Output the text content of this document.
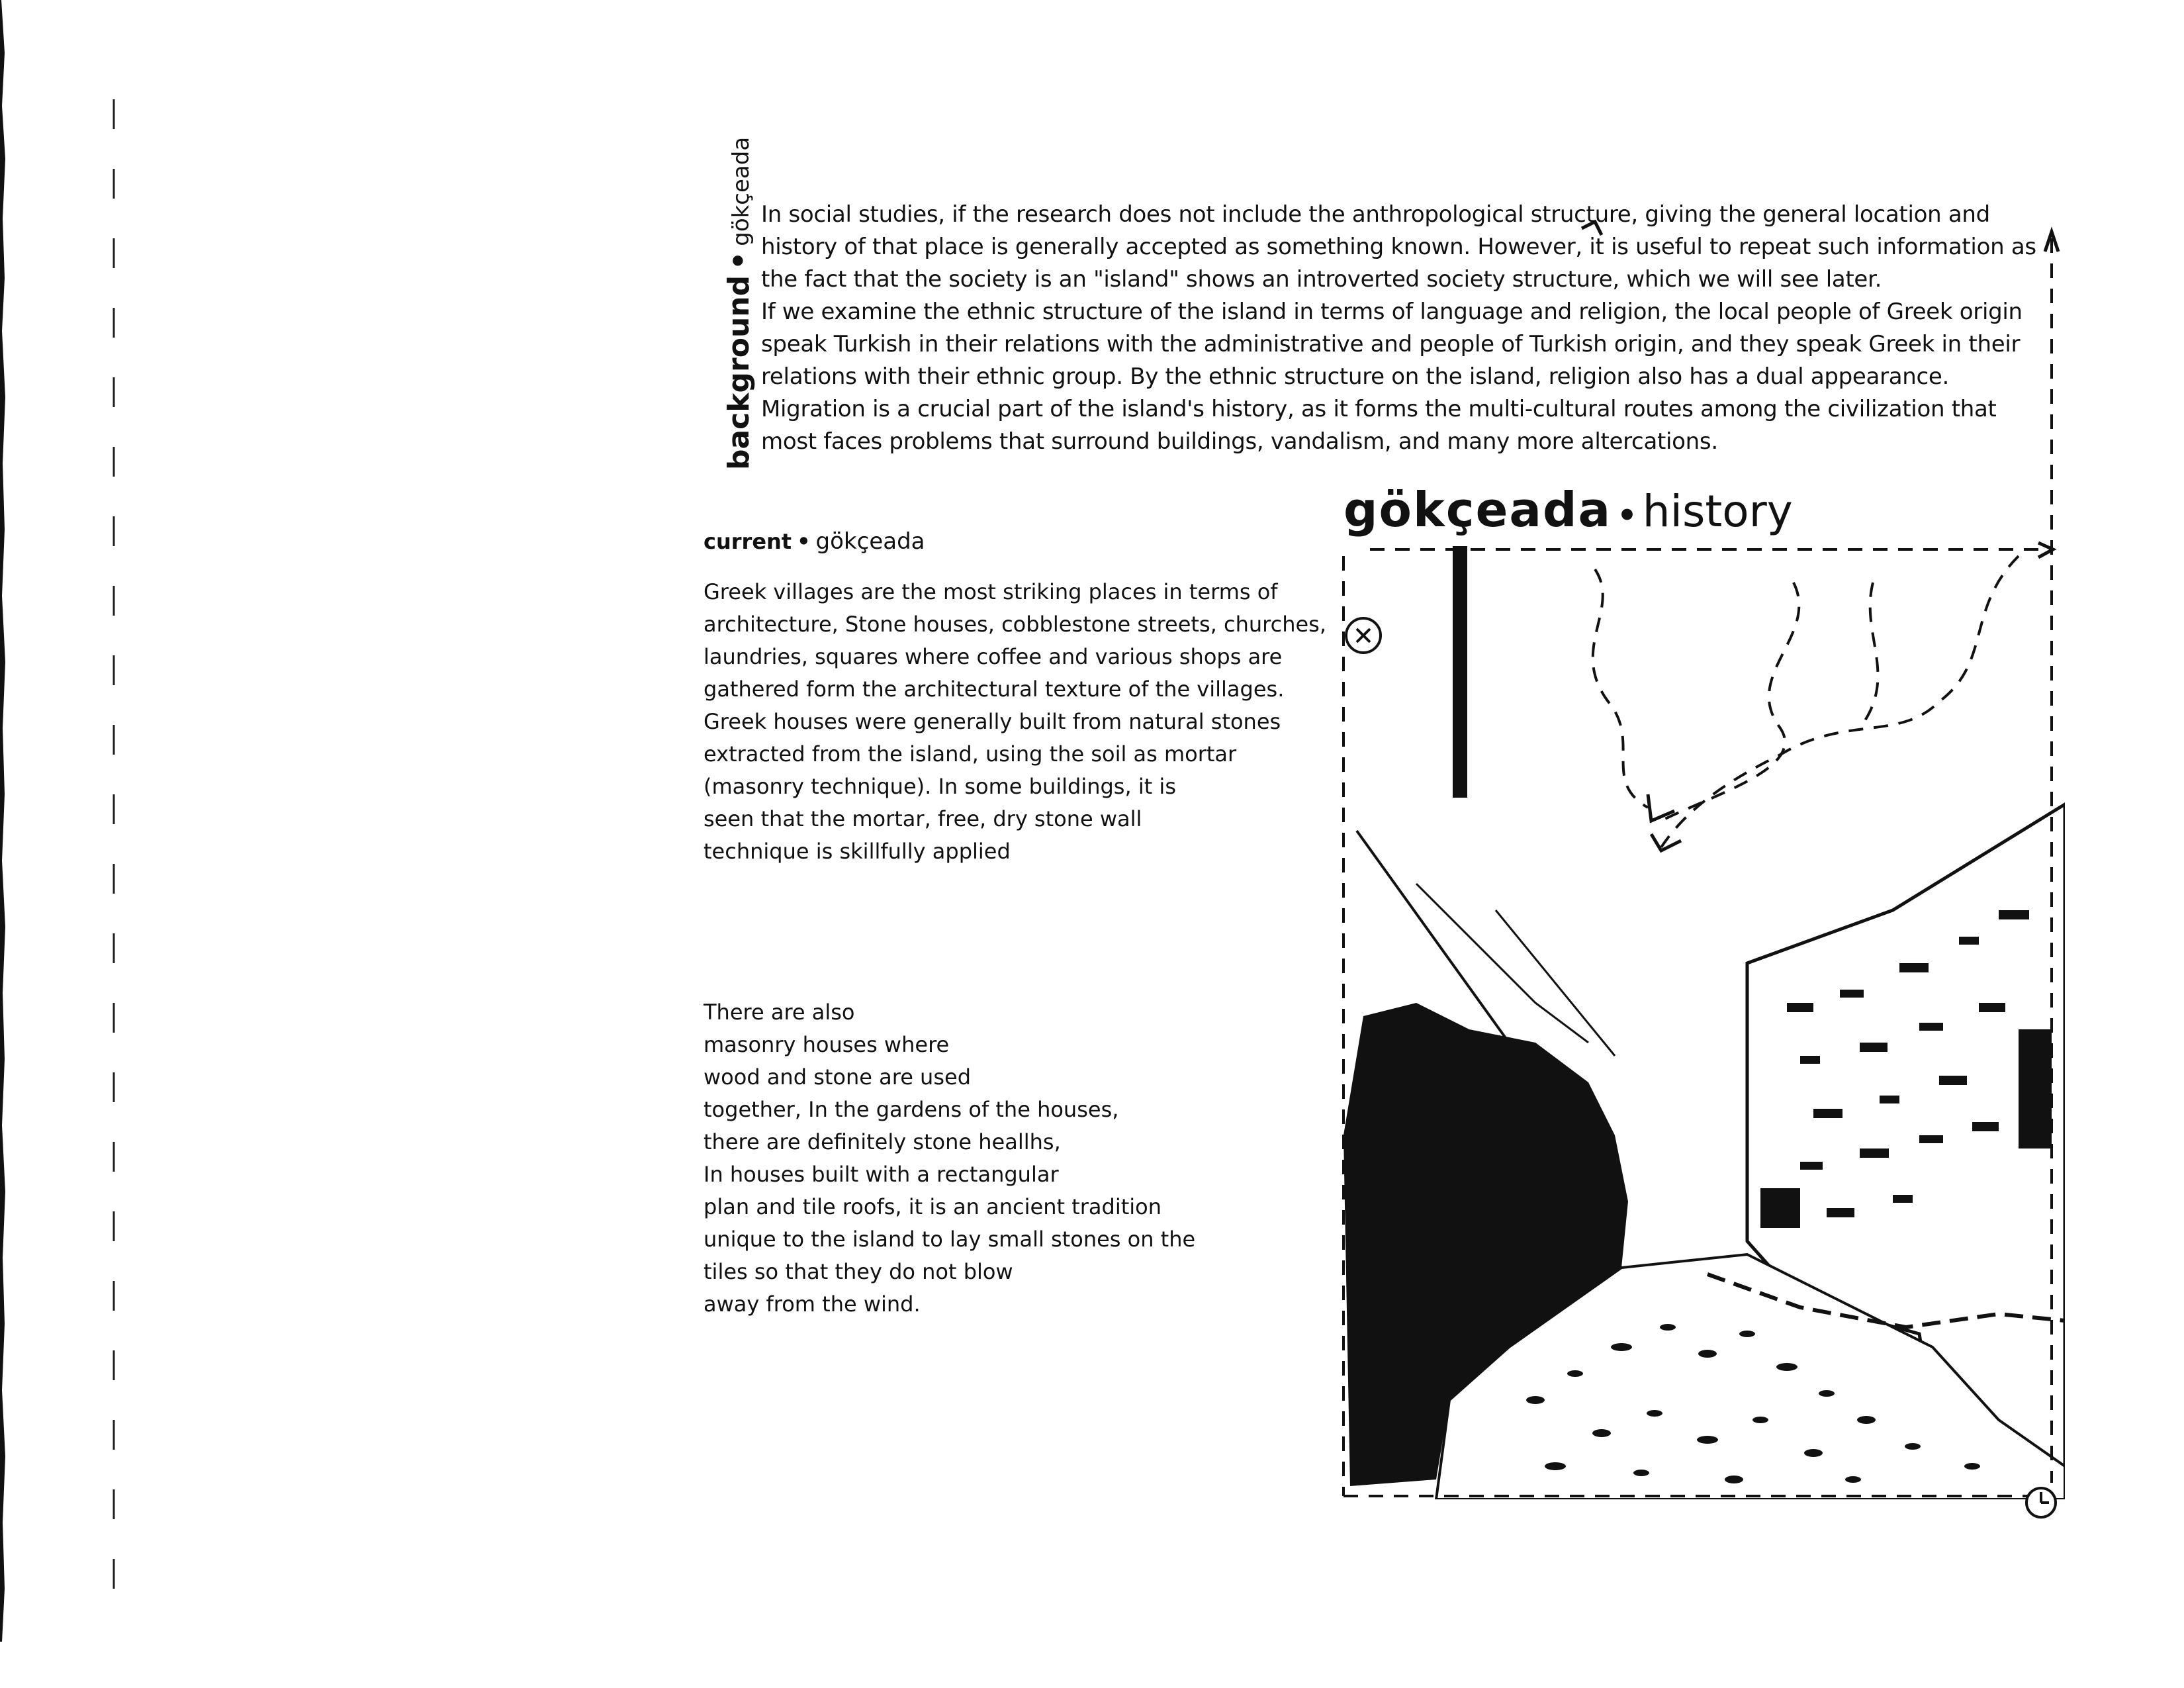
background•gökçeada In social studies, if the research does not include the anthropological structure, giving the general location and history of that place is generally accepted as something known. However, it is useful to repeat such information as the fact that the society is an "island" shows an introverted society structure, which we will see later.

If we examine the ethnic structure of the island in terms of language and religion, the local people of Greek origin speak Turkish in their relations with the administrative and people of Turkish origin, and they speak Greek in their relations with their ethnic group. By the ethnic structure on the island, religion also has a dual appearance.

Migration is a crucial part of the island's history, as it forms the multi-cultural routes among the civilization that most faces problems that surround buildings, vandalism, and many more altercations.

current • gökçeada
Greek villages are the most striking places in terms of
architecture, Stone houses, cobblestone streets, churches,
laundries, squares where coffee and various shops are
gathered form the architectural texture of the villages.
Greek houses were generally built from natural stones
extracted from the island, using the soil as mortar
(masonry technique). In some buildings, it is
seen that the mortar, free, dry stone wall
technique is skillfully applied
There are also
masonry houses where
wood and stone are used
together, In the gardens of the houses,
there are definitely stone heallhs,
In houses built with a rectangular
plan and tile roofs, it is an ancient tradition
unique to the island to lay small stones on the
tiles so that they do not blow
away from the wind.
gökçeada • history
